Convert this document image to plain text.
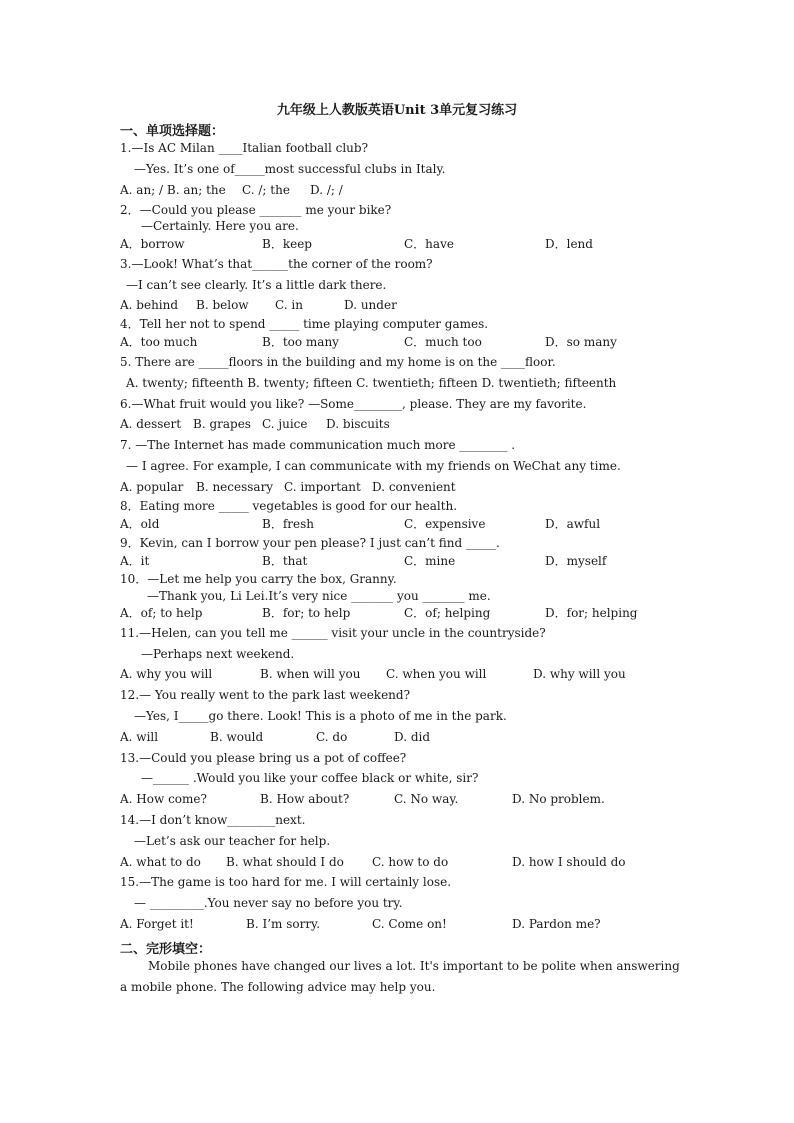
九年级上人教版英语Unit 3单元复习练习
一、单项选择题：
1.—Is AC Milan ____Italian football club?
—Yes. It’s one of_____most successful clubs in Italy.
A. an; / B. an; the C. /; the D. /; /
2．—Could you please _______ me your bike?
—Certainly. Here you are.
A．borrow	B．keep	C．have	D．lend
3.—Look! What’s that______the corner of the room?
—I can’t see clearly. It’s a little dark there.
A. behind B. below C. in	D. under
4．Tell her not to spend _____ time playing computer games.
A．too much	B．too many	C．much too	D．so many
5. There are _____floors in the building and my home is on the ____floor.
A. twenty; fifteenth B. twenty; fifteen C. twentieth; fifteen D. twentieth; fifteenth
6.—What fruit would you like? —Some________, please. They are my favorite.
A. dessert B. grapes C. juice D. biscuits
7. —The Internet has made communication much more ________ .
— I agree. For example, I can communicate with my friends on WeChat any time.
A. popular B. necessary C. important D. convenient
8．Eating more _____ vegetables is good for our health.
A．old	B．fresh	C．expensive	D．awful
9．Kevin, can I borrow your pen please? I just can’t find _____.
A．it	B．that	C．mine	D．myself
10．—Let me help you carry the box, Granny.
—Thank you, Li Lei.It’s very nice _______ you _______ me.
A．of; to help	B．for; to help	C．of; helping	D．for; helping
11.—Helen, can you tell me ______ visit your uncle in the countryside?
—Perhaps next weekend.
A. why you will	B. when will you C. when you will	D. why will you
12.— You really went to the park last weekend?
—Yes, I_____go there. Look! This is a photo of me in the park.
A. will	B. would	C. do	D. did
13.—Could you please bring us a pot of coffee?
—______ .Would you like your coffee black or white, sir?
A. How come?	B. How about?	C. No way.	D. No problem.
14.—I don’t know________next.
—Let’s ask our teacher for help.
A. what to do B. what should I do C. how to do	D. how I should do
15.—The game is too hard for me. I will certainly lose.
— _________.You never say no before you try.
A. Forget it!	B. I’m sorry.	C. Come on!	D. Pardon me?
二、完形填空：
Mobile phones have changed our lives a lot. It's important to be polite when answering
a mobile phone. The following advice may help you.
